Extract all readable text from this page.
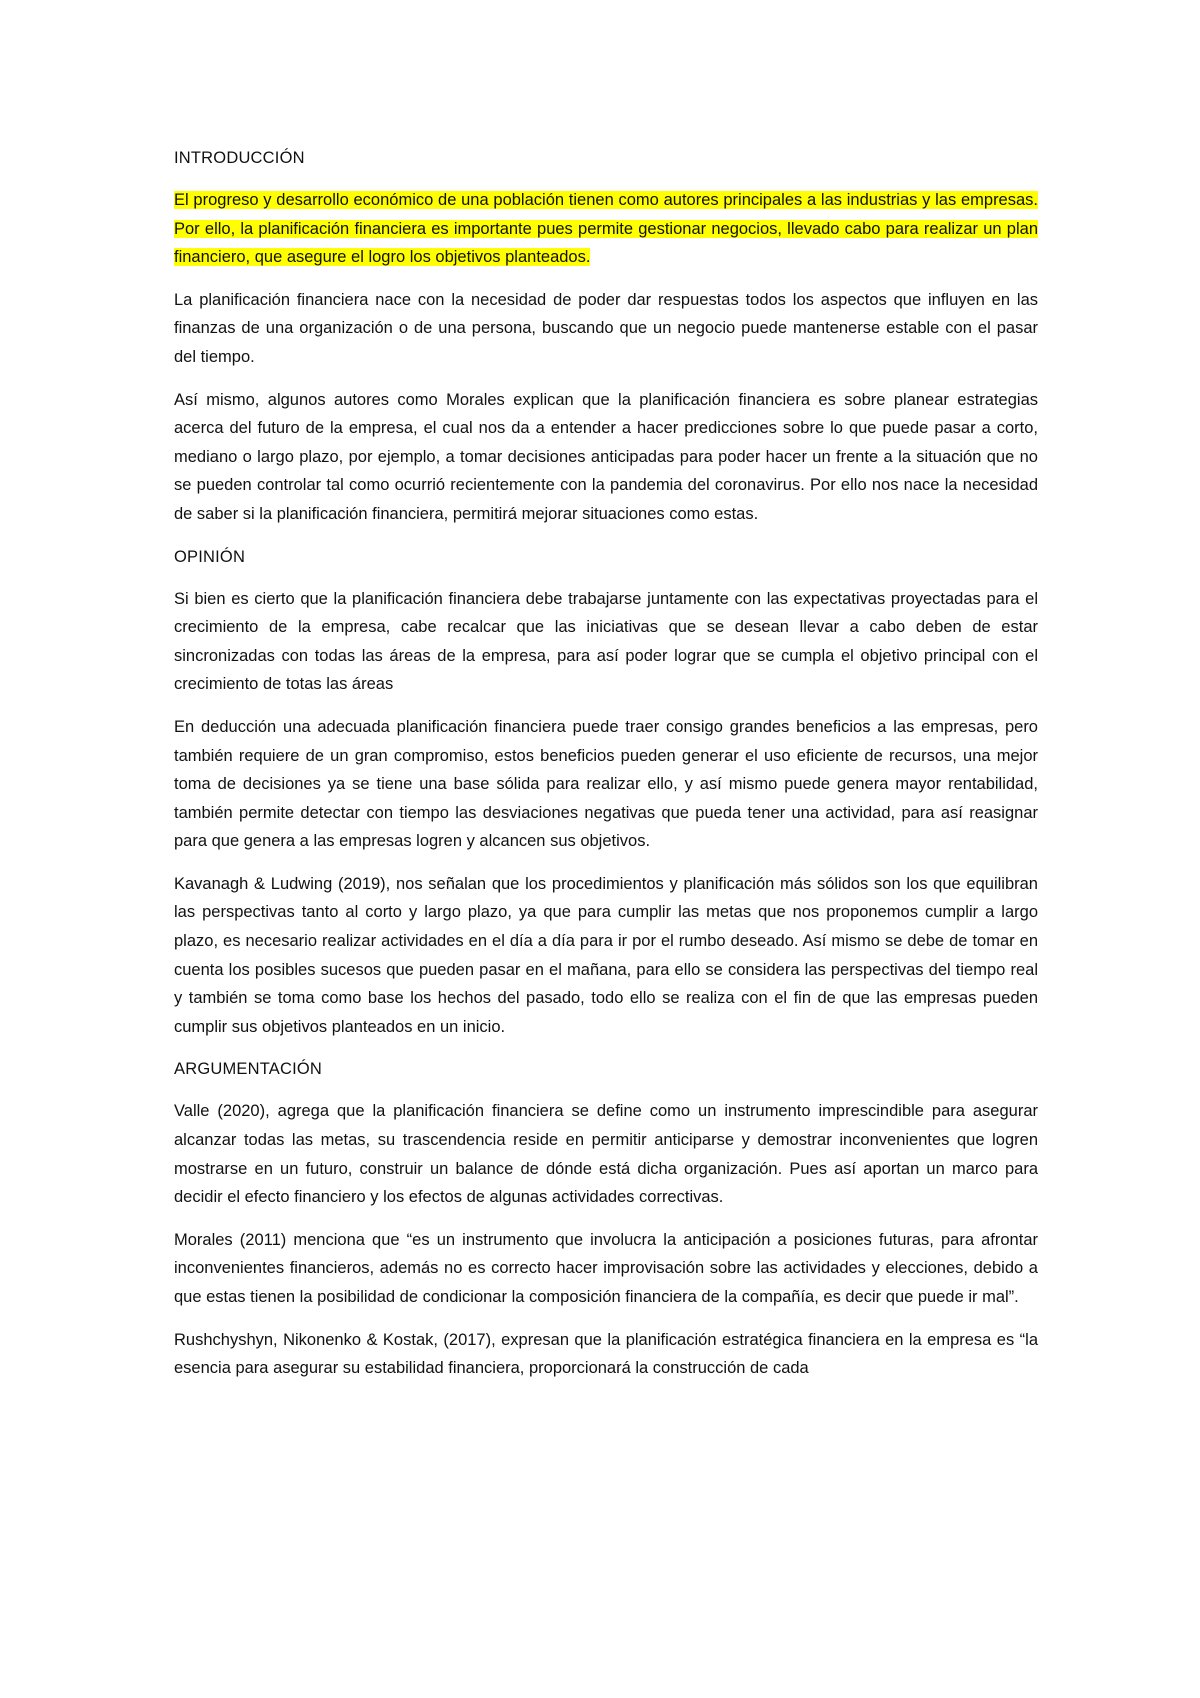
INTRODUCCIÓN

El progreso y desarrollo económico de una población tienen como autores principales a las industrias y las empresas. Por ello, la planificación financiera es importante pues permite gestionar negocios, llevado cabo para realizar un plan financiero, que asegure el logro los objetivos planteados.

La planificación financiera nace con la necesidad de poder dar respuestas todos los aspectos que influyen en las finanzas de una organización o de una persona, buscando que un negocio puede mantenerse estable con el pasar del tiempo.

Así mismo, algunos autores como Morales explican que la planificación financiera es sobre planear estrategias acerca del futuro de la empresa, el cual nos da a entender a hacer predicciones sobre lo que puede pasar a corto, mediano o largo plazo, por ejemplo, a tomar decisiones anticipadas para poder hacer un frente a la situación que no se pueden controlar tal como ocurrió recientemente con la pandemia del coronavirus. Por ello nos nace la necesidad de saber si la planificación financiera, permitirá mejorar situaciones como estas.

OPINIÓN

Si bien es cierto que la planificación financiera debe trabajarse juntamente con las expectativas proyectadas para el crecimiento de la empresa, cabe recalcar que las iniciativas que se desean llevar a cabo deben de estar sincronizadas con todas las áreas de la empresa, para así poder lograr que se cumpla el objetivo principal con el crecimiento de totas las áreas

En deducción una adecuada planificación financiera puede traer consigo grandes beneficios a las empresas, pero también requiere de un gran compromiso, estos beneficios pueden generar el uso eficiente de recursos, una mejor toma de decisiones ya se tiene una base sólida para realizar ello, y así mismo puede genera mayor rentabilidad, también permite detectar con tiempo las desviaciones negativas que pueda tener una actividad, para así reasignar para que genera a las empresas logren y alcancen sus objetivos.

Kavanagh & Ludwing (2019), nos señalan que los procedimientos y planificación más sólidos son los que equilibran las perspectivas tanto al corto y largo plazo, ya que para cumplir las metas que nos proponemos cumplir a largo plazo, es necesario realizar actividades en el día a día para ir por el rumbo deseado. Así mismo se debe de tomar en cuenta los posibles sucesos que pueden pasar en el mañana, para ello se considera las perspectivas del tiempo real y también se toma como base los hechos del pasado, todo ello se realiza con el fin de que las empresas pueden cumplir sus objetivos planteados en un inicio.

ARGUMENTACIÓN

Valle (2020), agrega que la planificación financiera se define como un instrumento imprescindible para asegurar alcanzar todas las metas, su trascendencia reside en permitir anticiparse y demostrar inconvenientes que logren mostrarse en un futuro, construir un balance de dónde está dicha organización. Pues así aportan un marco para decidir el efecto financiero y los efectos de algunas actividades correctivas.

Morales (2011) menciona que “es un instrumento que involucra la anticipación a posiciones futuras, para afrontar inconvenientes financieros, además no es correcto hacer improvisación sobre las actividades y elecciones, debido a que estas tienen la posibilidad de condicionar la composición financiera de la compañía, es decir que puede ir mal”.

Rushchyshyn, Nikonenko & Kostak, (2017), expresan que la planificación estratégica financiera en la empresa es “la esencia para asegurar su estabilidad financiera, proporcionará la construcción de cada
